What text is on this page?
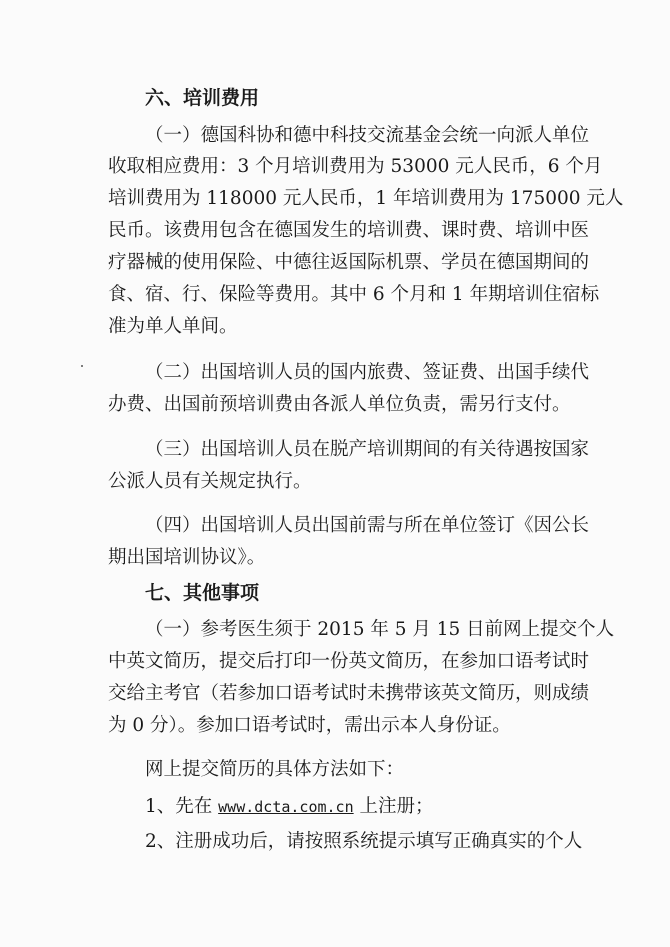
六、培训费用
（一）德国科协和德中科技交流基金会统一向派人单位
收取相应费用：3 个月培训费用为 53000 元人民币，6 个月
培训费用为 118000 元人民币，1 年培训费用为 175000 元人
民币。该费用包含在德国发生的培训费、课时费、培训中医
疗器械的使用保险、中德往返国际机票、学员在德国期间的
食、宿、行、保险等费用。其中 6 个月和 1 年期培训住宿标
准为单人单间。
（二）出国培训人员的国内旅费、签证费、出国手续代
办费、出国前预培训费由各派人单位负责，需另行支付。
（三）出国培训人员在脱产培训期间的有关待遇按国家
公派人员有关规定执行。
（四）出国培训人员出国前需与所在单位签订《因公长
期出国培训协议》。
七、其他事项
（一）参考医生须于 2015 年 5 月 15 日前网上提交个人
中英文简历，提交后打印一份英文简历，在参加口语考试时
交给主考官（若参加口语考试时未携带该英文简历，则成绩
为 0 分）。参加口语考试时，需出示本人身份证。
网上提交简历的具体方法如下：
1、先在 www.dcta.com.cn 上注册；
2、注册成功后，请按照系统提示填写正确真实的个人
